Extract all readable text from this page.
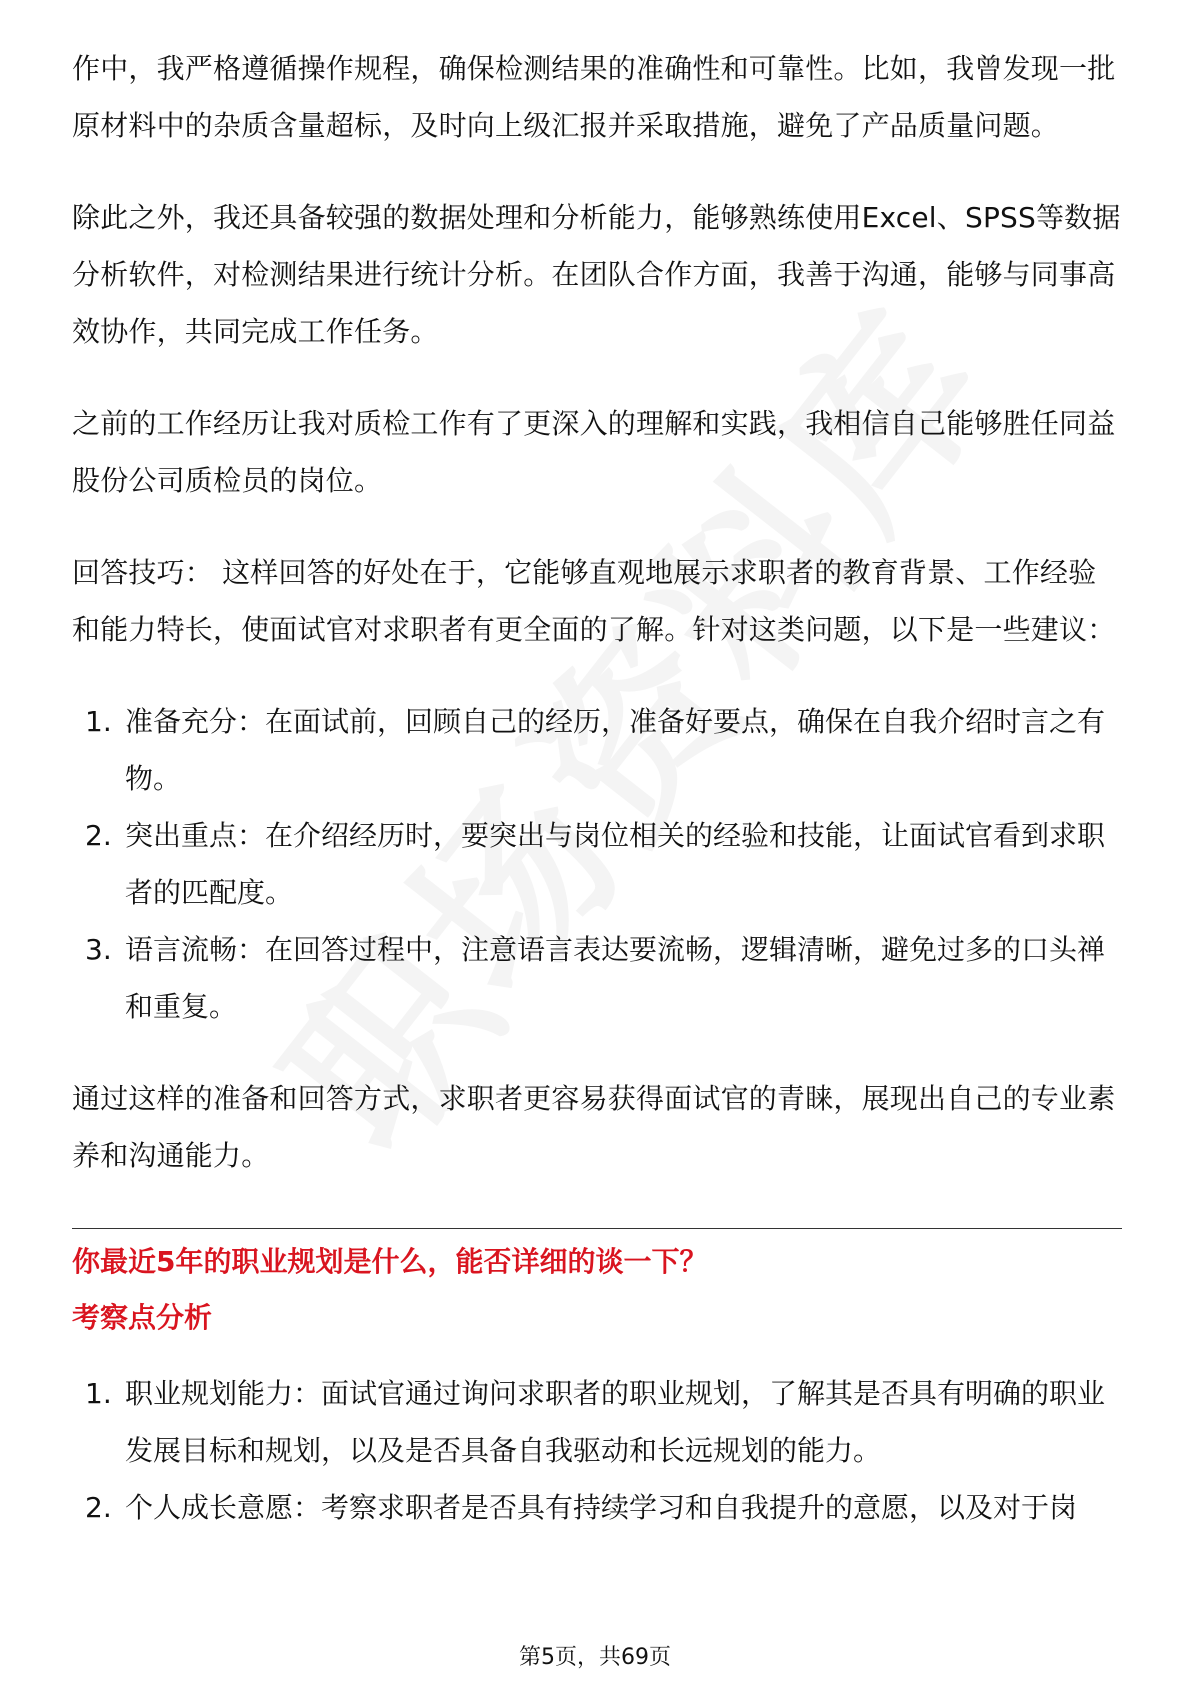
作中，我严格遵循操作规程，确保检测结果的准确性和可靠性。比如，我曾发现一批原材料中的杂质含量超标，及时向上级汇报并采取措施，避免了产品质量问题。

除此之外，我还具备较强的数据处理和分析能力，能够熟练使用Excel、SPSS等数据分析软件，对检测结果进行统计分析。在团队合作方面，我善于沟通，能够与同事高效协作，共同完成工作任务。

之前的工作经历让我对质检工作有了更深入的理解和实践，我相信自己能够胜任同益股份公司质检员的岗位。

回答技巧： 这样回答的好处在于，它能够直观地展示求职者的教育背景、工作经验和能力特长，使面试官对求职者有更全面的了解。针对这类问题，以下是一些建议：

1. 准备充分：在面试前，回顾自己的经历，准备好要点，确保在自我介绍时言之有物。
2. 突出重点：在介绍经历时，要突出与岗位相关的经验和技能，让面试官看到求职者的匹配度。
3. 语言流畅：在回答过程中，注意语言表达要流畅，逻辑清晰，避免过多的口头禅和重复。

通过这样的准备和回答方式，求职者更容易获得面试官的青睐，展现出自己的专业素养和沟通能力。

你最近5年的职业规划是什么，能否详细的谈一下？

考察点分析

1. 职业规划能力：面试官通过询问求职者的职业规划，了解其是否具有明确的职业发展目标和规划，以及是否具备自我驱动和长远规划的能力。
2. 个人成长意愿：考察求职者是否具有持续学习和自我提升的意愿，以及对于岗
第5页，共69页
